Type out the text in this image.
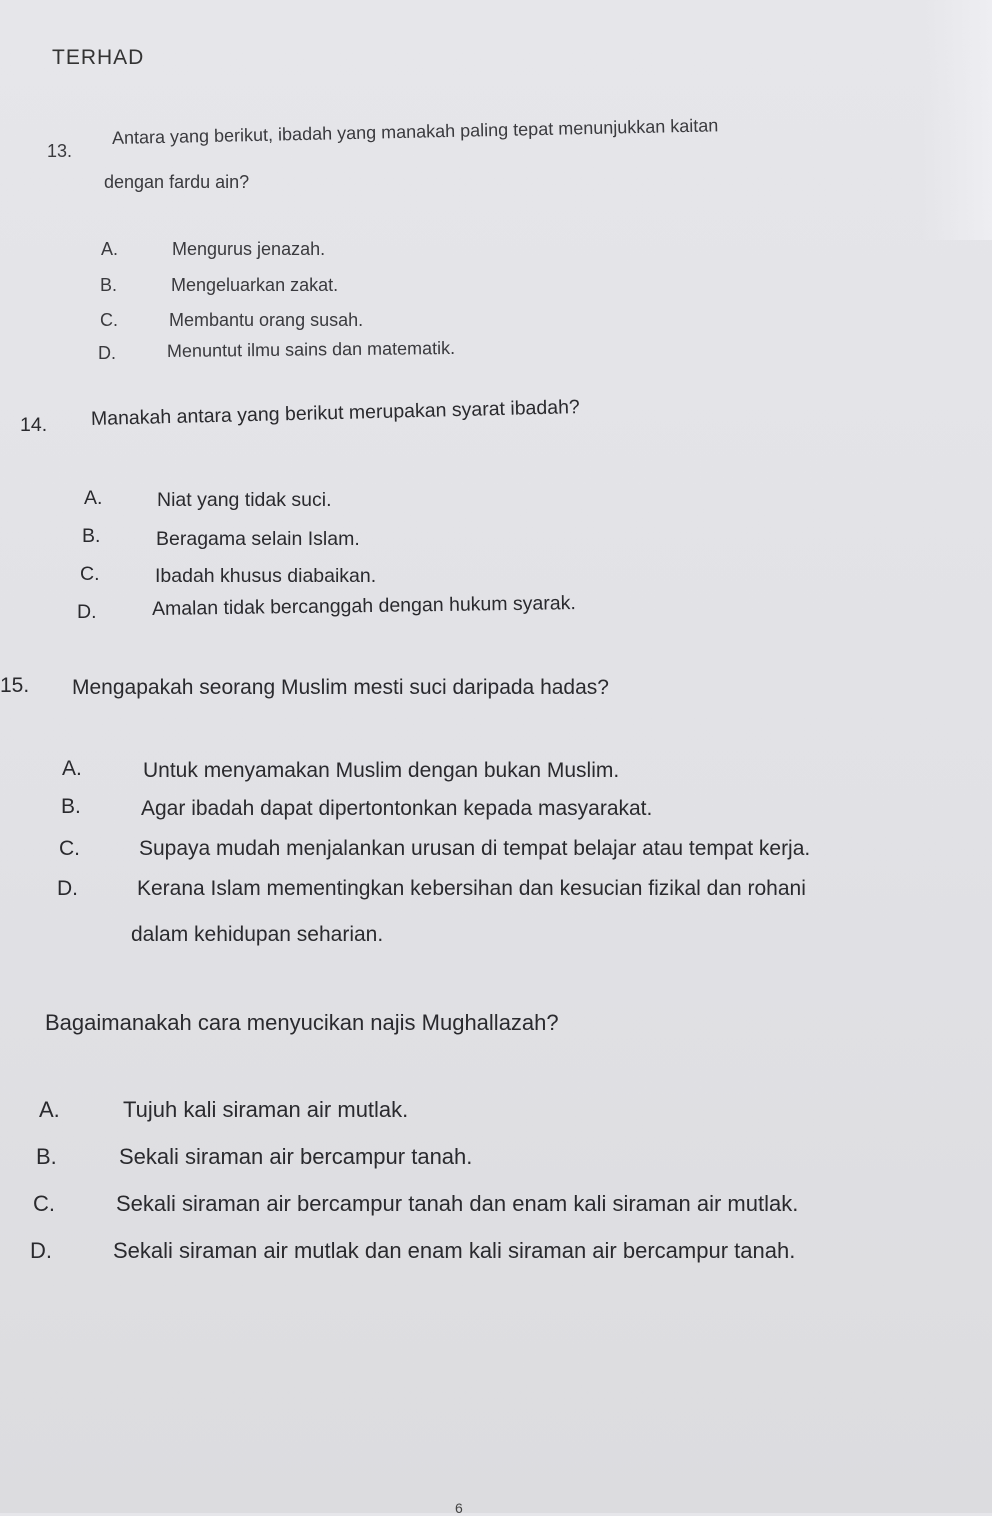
TERHAD
13.
Antara yang berikut, ibadah yang manakah paling tepat menunjukkan kaitan
dengan fardu ain?
A.	Mengurus jenazah.
B.	Mengeluarkan zakat.
C.	Membantu orang susah.
D.	Menuntut ilmu sains dan matematik.
14. Manakah antara yang berikut merupakan syarat ibadah?
A.	Niat yang tidak suci.
B.	Beragama selain Islam.
C.	Ibadah khusus diabaikan.
D.	Amalan tidak bercanggah dengan hukum syarak.
15. Mengapakah seorang Muslim mesti suci daripada hadas?
A.	Untuk menyamakan Muslim dengan bukan Muslim.
B.	Agar ibadah dapat dipertontonkan kepada masyarakat.
C.	Supaya mudah menjalankan urusan di tempat belajar atau tempat kerja.
D.	Kerana Islam mementingkan kebersihan dan kesucian fizikal dan rohani
dalam kehidupan seharian.
Bagaimanakah cara menyucikan najis Mughallazah?
A.	Tujuh kali siraman air mutlak.
B.	Sekali siraman air bercampur tanah.
C.	Sekali siraman air bercampur tanah dan enam kali siraman air mutlak.
D.	Sekali siraman air mutlak dan enam kali siraman air bercampur tanah.
6
